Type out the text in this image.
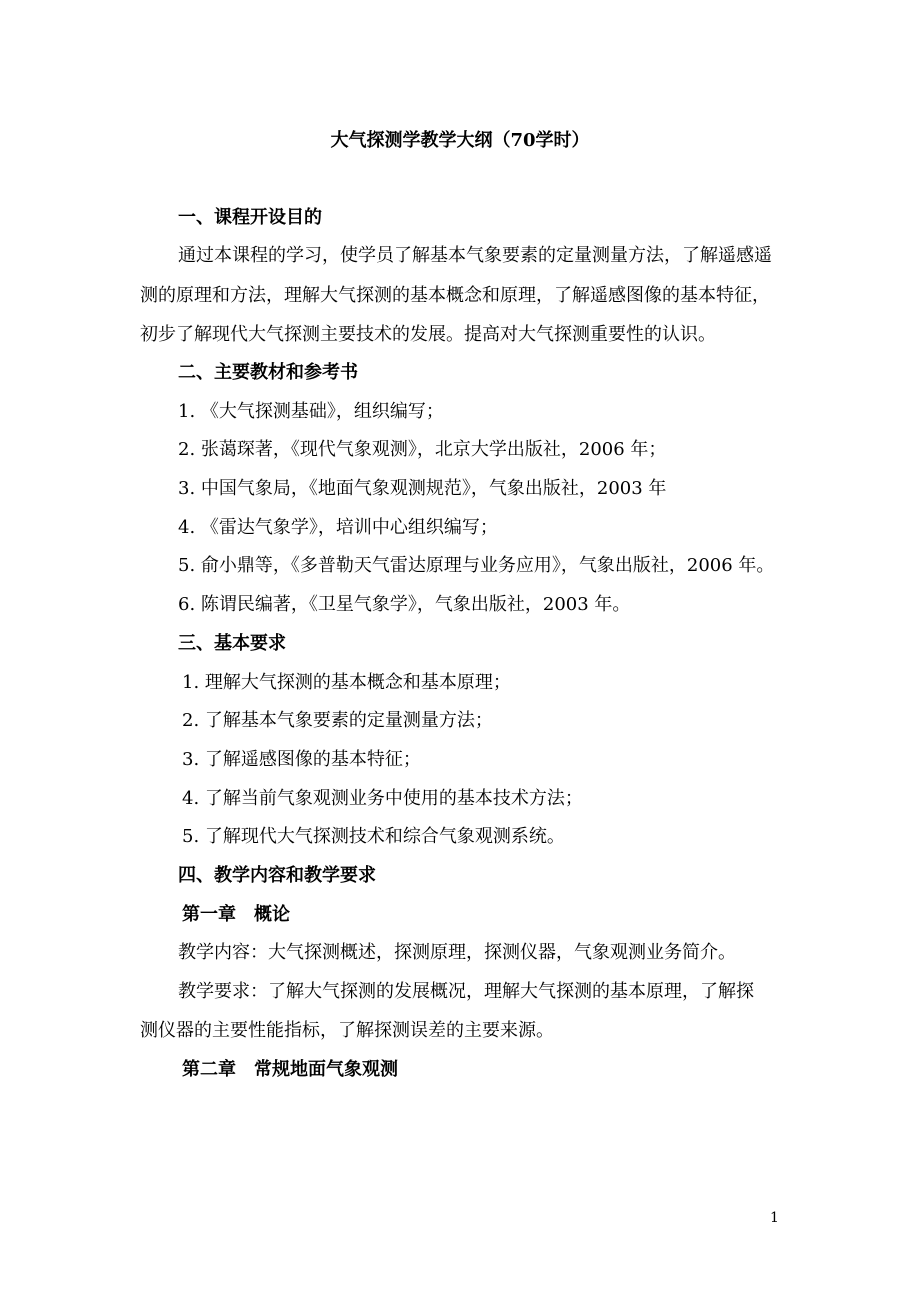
大气探测学教学大纲（70学时）
一、课程开设目的
通过本课程的学习，使学员了解基本气象要素的定量测量方法，了解遥感遥
测的原理和方法，理解大气探测的基本概念和原理，了解遥感图像的基本特征，
初步了解现代大气探测主要技术的发展。提高对大气探测重要性的认识。
二、主要教材和参考书
1. 《大气探测基础》，组织编写；
2. 张蔼琛著，《现代气象观测》，北京大学出版社，2006 年；
3. 中国气象局，《地面气象观测规范》，气象出版社，2003 年
4. 《雷达气象学》，培训中心组织编写；
5. 俞小鼎等，《多普勒天气雷达原理与业务应用》，气象出版社，2006 年。
6. 陈谓民编著，《卫星气象学》，气象出版社，2003 年。
三、基本要求
1. 理解大气探测的基本概念和基本原理；
2. 了解基本气象要素的定量测量方法；
3. 了解遥感图像的基本特征；
4. 了解当前气象观测业务中使用的基本技术方法；
5. 了解现代大气探测技术和综合气象观测系统。
四、教学内容和教学要求
第一章　概论
教学内容：大气探测概述，探测原理，探测仪器，气象观测业务简介。
教学要求：了解大气探测的发展概况，理解大气探测的基本原理，了解探
测仪器的主要性能指标，了解探测误差的主要来源。
第二章　常规地面气象观测
1
